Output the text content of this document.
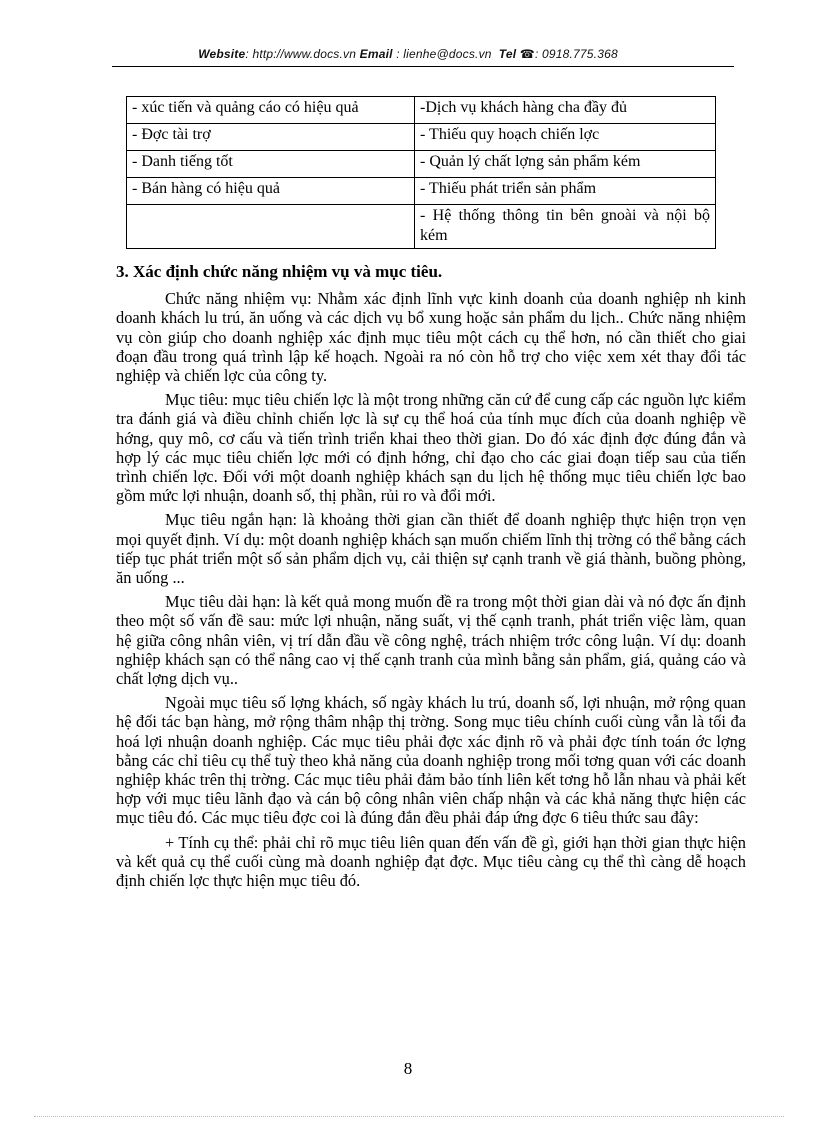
Website: http://www.docs.vn Email : lienhe@docs.vn Tel ☎: 0918.775.368
- xúc tiến và quảng cáo có hiệu quả	-Dịch vụ khách hàng cha đầy đủ
- Đợc tài trợ	- Thiếu quy hoạch chiến lợc
- Danh tiếng tốt	- Quản lý chất lợng sản phẩm kém
- Bán hàng có hiệu quả	- Thiếu phát triển sản phẩm
	- Hệ thống thông tin bên gnoài và nội bộ kém
3. Xác định chức năng nhiệm vụ và mục tiêu.

Chức năng nhiệm vụ: Nhằm xác định lĩnh vực kinh doanh của doanh nghiệp nh kinh doanh khách lu trú, ăn uống và các dịch vụ bổ xung hoặc sản phẩm du lịch.. Chức năng nhiệm vụ còn giúp cho doanh nghiệp xác định mục tiêu một cách cụ thể hơn, nó cần thiết cho giai đoạn đầu trong quá trình lập kế hoạch. Ngoài ra nó còn hỗ trợ cho việc xem xét thay đổi tác nghiệp và chiến lợc của công ty.

Mục tiêu: mục tiêu chiến lợc là một trong những căn cứ để cung cấp các nguồn lực kiểm tra đánh giá và điều chỉnh chiến lợc là sự cụ thể hoá của tính mục đích của doanh nghiệp về hớng, quy mô, cơ cấu và tiến trình triển khai theo thời gian. Do đó xác định đợc đúng đắn và hợp lý các mục tiêu chiến lợc mới có định hớng, chỉ đạo cho các giai đoạn tiếp sau của tiến trình chiến lợc. Đối với một doanh nghiệp khách sạn du lịch hệ thống mục tiêu chiến lợc bao gồm mức lợi nhuận, doanh số, thị phần, rủi ro và đổi mới.

Mục tiêu ngắn hạn: là khoảng thời gian cần thiết để doanh nghiệp thực hiện trọn vẹn mọi quyết định. Ví dụ: một doanh nghiệp khách sạn muốn chiếm lĩnh thị trờng có thể bằng cách tiếp tục phát triển một số sản phẩm dịch vụ, cải thiện sự cạnh tranh về giá thành, buồng phòng, ăn uống ...

Mục tiêu dài hạn: là kết quả mong muốn đề ra trong một thời gian dài và nó đợc ấn định theo một số vấn đề sau: mức lợi nhuận, năng suất, vị thế cạnh tranh, phát triển việc làm, quan hệ giữa công nhân viên, vị trí dẫn đầu về công nghệ, trách nhiệm trớc công luận. Ví dụ: doanh nghiệp khách sạn có thể nâng cao vị thế cạnh tranh của mình bằng sản phẩm, giá, quảng cáo và chất lợng dịch vụ..

Ngoài mục tiêu số lợng khách, số ngày khách lu trú, doanh số, lợi nhuận, mở rộng quan hệ đối tác bạn hàng, mở rộng thâm nhập thị trờng. Song mục tiêu chính cuối cùng vẫn là tối đa hoá lợi nhuận doanh nghiệp. Các mục tiêu phải đợc xác định rõ và phải đợc tính toán ớc lợng bằng các chỉ tiêu cụ thể tuỳ theo khả năng của doanh nghiệp trong mối tơng quan với các doanh nghiệp khác trên thị trờng. Các mục tiêu phải đảm bảo tính liên kết tơng hỗ lẫn nhau và phải kết hợp với mục tiêu lãnh đạo và cán bộ công nhân viên chấp nhận và các khả năng thực hiện các mục tiêu đó. Các mục tiêu đợc coi là đúng đắn đều phải đáp ứng đợc 6 tiêu thức sau đây:

+ Tính cụ thể: phải chỉ rõ mục tiêu liên quan đến vấn đề gì, giới hạn thời gian thực hiện và kết quả cụ thể cuối cùng mà doanh nghiệp đạt đợc. Mục tiêu càng cụ thể thì càng dễ hoạch định chiến lợc thực hiện mục tiêu đó.

8
